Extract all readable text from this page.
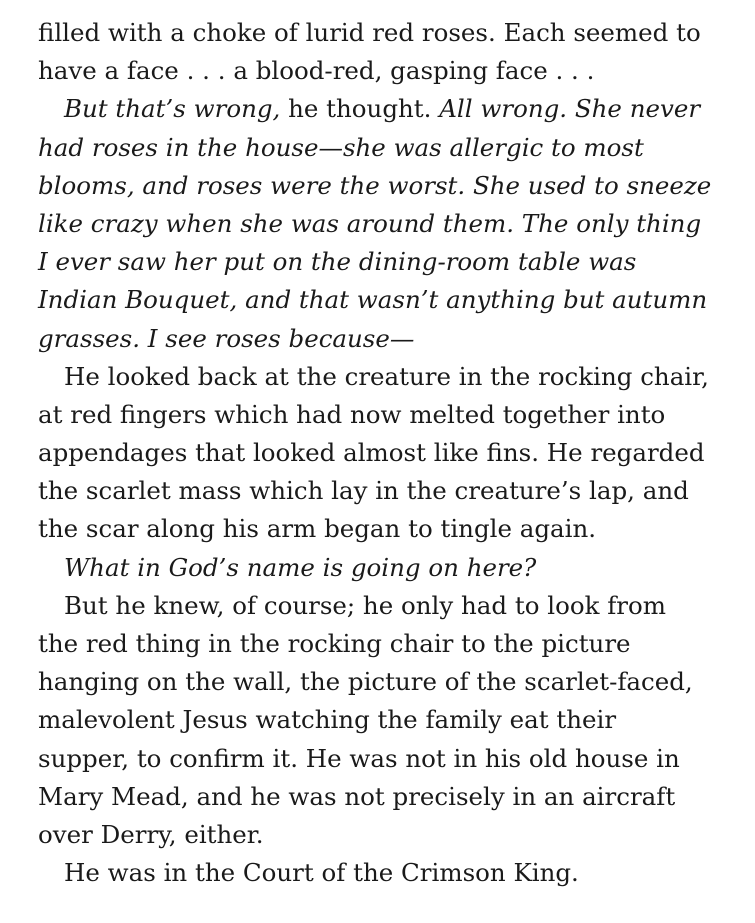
filled with a choke of lurid red roses. Each seemed to
have a face . . . a blood-red, gasping face . . .
But that’s wrong, he thought. All wrong. She never
had roses in the house—she was allergic to most
blooms, and roses were the worst. She used to sneeze
like crazy when she was around them. The only thing
I ever saw her put on the dining-room table was
Indian Bouquet, and that wasn’t anything but autumn
grasses. I see roses because—
He looked back at the creature in the rocking chair,
at red fingers which had now melted together into
appendages that looked almost like fins. He regarded
the scarlet mass which lay in the creature’s lap, and
the scar along his arm began to tingle again.
What in God’s name is going on here?
But he knew, of course; he only had to look from
the red thing in the rocking chair to the picture
hanging on the wall, the picture of the scarlet-faced,
malevolent Jesus watching the family eat their
supper, to confirm it. He was not in his old house in
Mary Mead, and he was not precisely in an aircraft
over Derry, either.
He was in the Court of the Crimson King.
